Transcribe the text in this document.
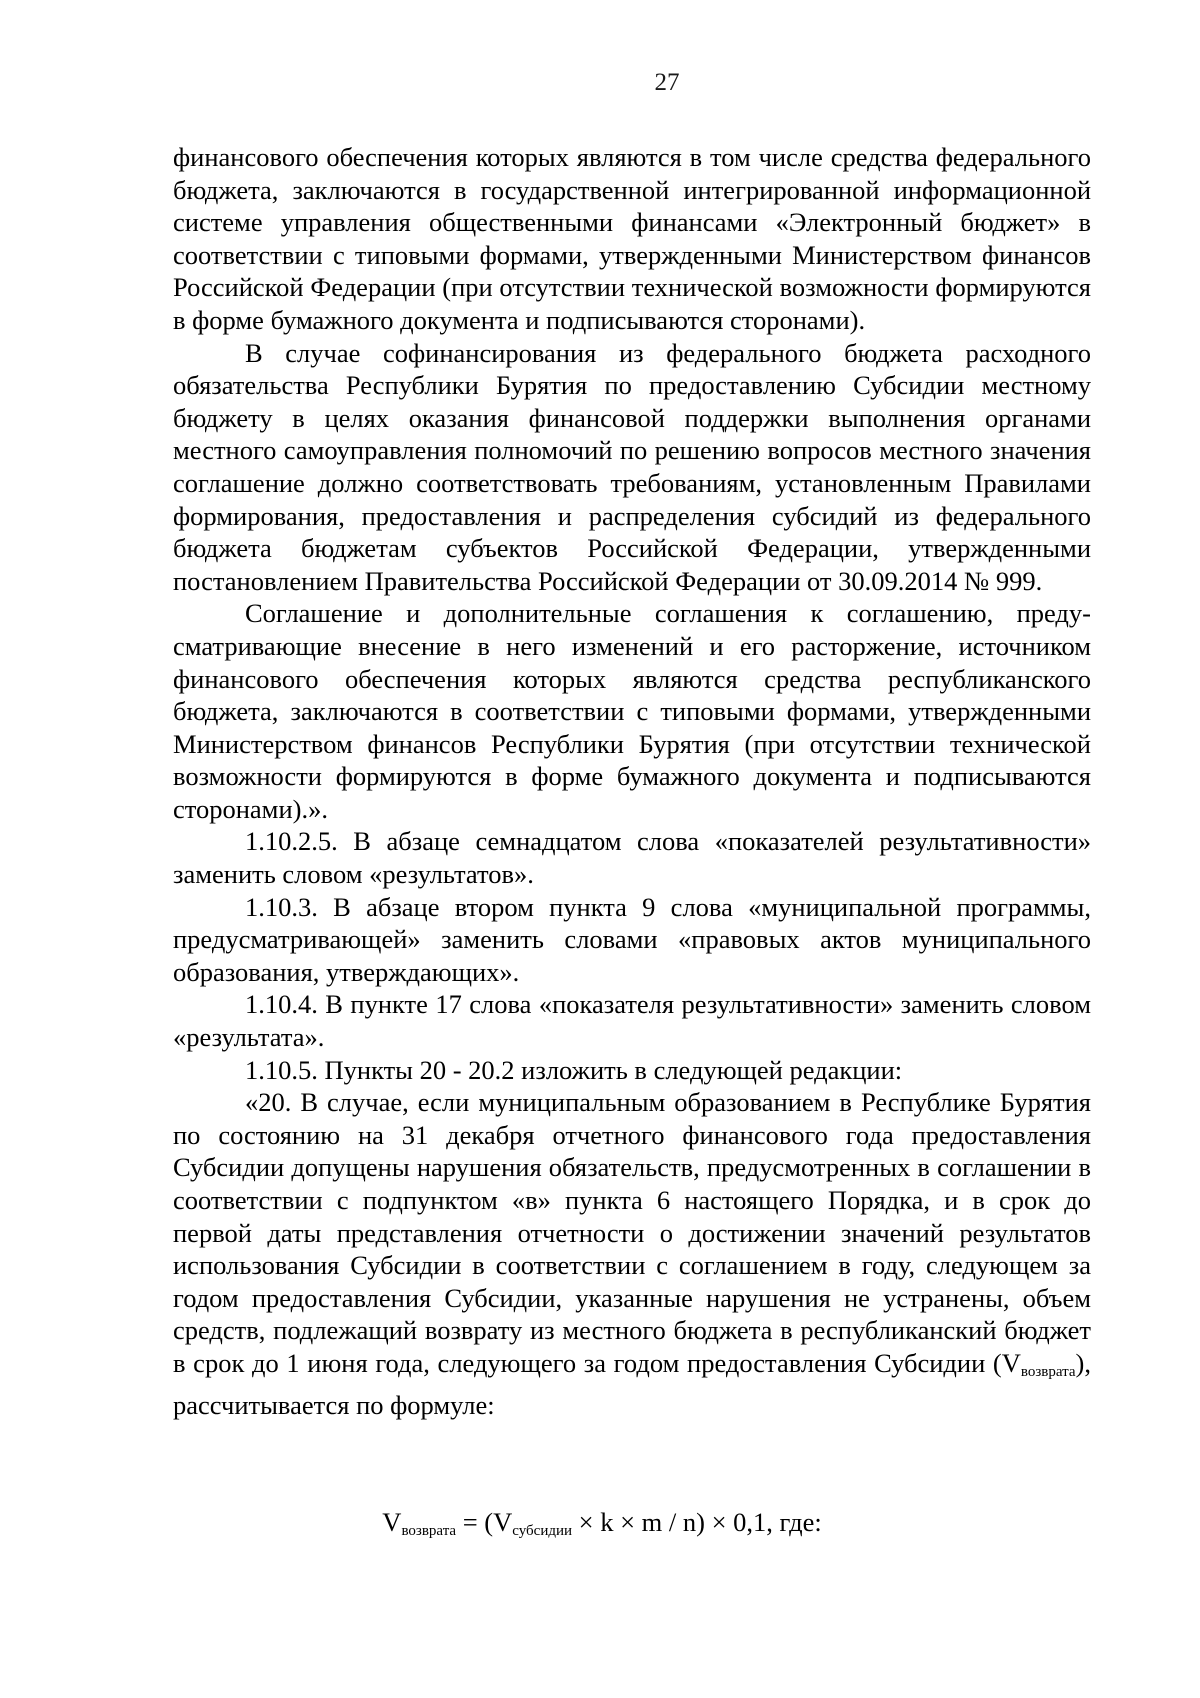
27

финансового обеспечения которых являются в том числе средства федерального бюджета, заключаются в государственной интегрированной информационной системе управления общественными финансами «Электронный бюджет» в соответствии с типовыми формами, утвержденными Министерством финансов Российской Федерации (при отсутствии технической возможности формируются в форме бумажного документа и подписываются сторонами).

В случае софинансирования из федерального бюджета расходного обязательства Республики Бурятия по предоставлению Субсидии местному бюджету в целях оказания финансовой поддержки выполнения органами местного самоуправления полномочий по решению вопросов местного значения соглашение должно соответствовать требованиям, установленным Правилами формирования, предоставления и распределения субсидий из федерального бюджета бюджетам субъектов Российской Федерации, утвержденными постановлением Правительства Российской Федерации от 30.09.2014 № 999.

Соглашение и дополнительные соглашения к соглашению, предусматривающие внесение в него изменений и его расторжение, источником финансового обеспечения которых являются средства республиканского бюджета, заключаются в соответствии с типовыми формами, утвержденными Министерством финансов Республики Бурятия (при отсутствии технической возможности формируются в форме бумажного документа и подписываются сторонами).».

1.10.2.5. В абзаце семнадцатом слова «показателей результативности» заменить словом «результатов».

1.10.3. В абзаце втором пункта 9 слова «муниципальной программы, предусматривающей» заменить словами «правовых актов муниципального образования, утверждающих».

1.10.4. В пункте 17 слова «показателя результативности» заменить словом «результата».

1.10.5. Пункты 20 - 20.2 изложить в следующей редакции:

«20. В случае, если муниципальным образованием в Республике Бурятия по состоянию на 31 декабря отчетного финансового года предоставления Субсидии допущены нарушения обязательств, предусмотренных в соглашении в соответствии с подпунктом «в» пункта 6 настоящего Порядка, и в срок до первой даты представления отчетности о достижении значений результатов использования Субсидии в соответствии с соглашением в году, следующем за годом предоставления Субсидии, указанные нарушения не устранены, объем средств, подлежащий возврату из местного бюджета в республиканский бюджет в срок до 1 июня года, следующего за годом предоставления Субсидии (Vвозврата), рассчитывается по формуле:

$V_{возврата} = (V_{субсидии} \times k \times m / n) \times 0,1$, где:
